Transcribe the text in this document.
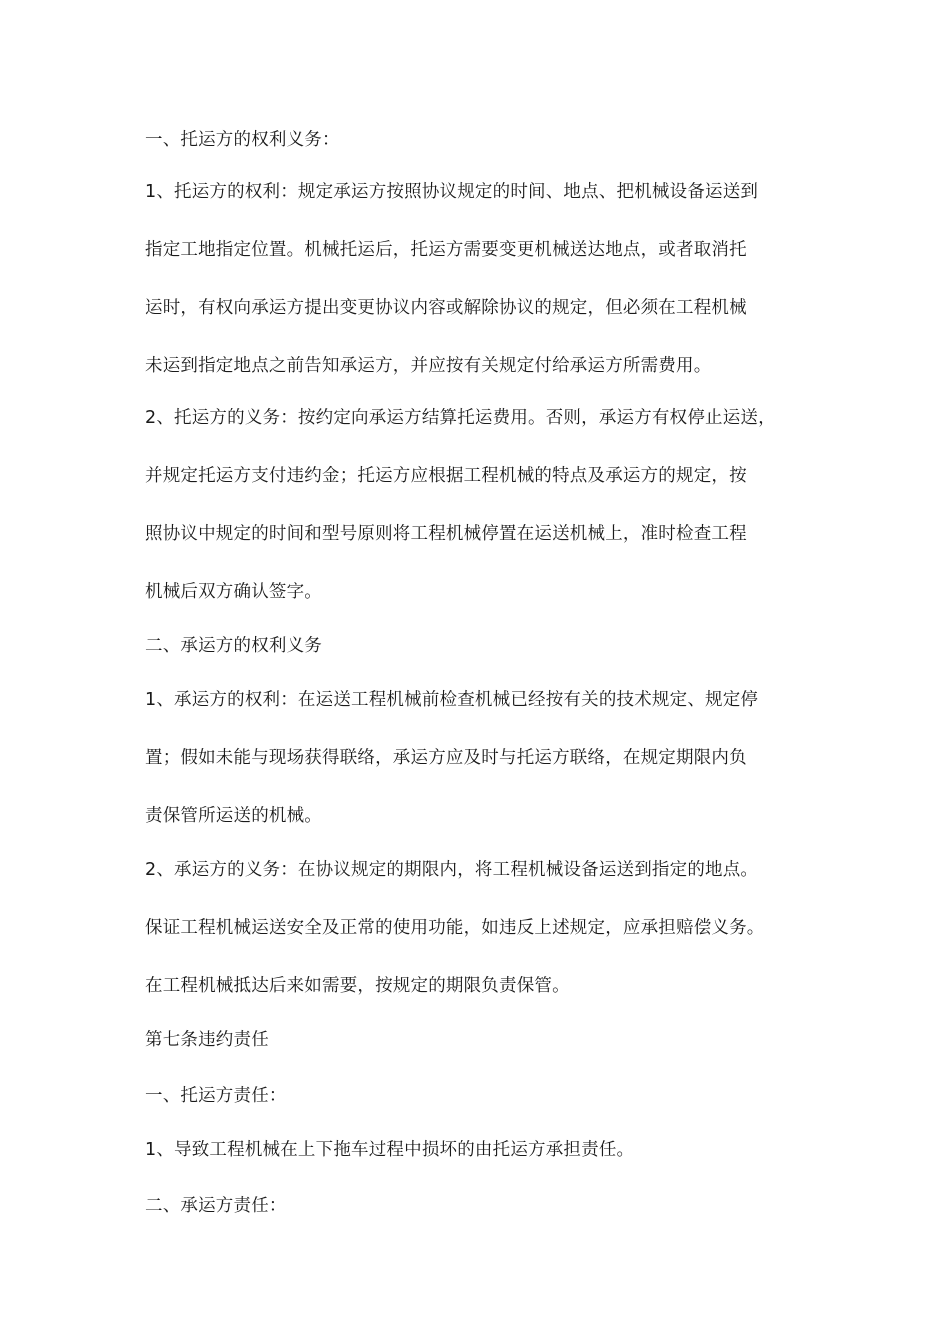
一、托运方的权利义务：
1、托运方的权利：规定承运方按照协议规定的时间、地点、把机械设备运送到
指定工地指定位置。机械托运后，托运方需要变更机械送达地点，或者取消托
运时，有权向承运方提出变更协议内容或解除协议的规定，但必须在工程机械
未运到指定地点之前告知承运方，并应按有关规定付给承运方所需费用。
2、托运方的义务：按约定向承运方结算托运费用。否则，承运方有权停止运送，
并规定托运方支付违约金；托运方应根据工程机械的特点及承运方的规定，按
照协议中规定的时间和型号原则将工程机械停置在运送机械上，准时检查工程
机械后双方确认签字。
二、承运方的权利义务
1、承运方的权利：在运送工程机械前检查机械已经按有关的技术规定、规定停
置；假如未能与现场获得联络，承运方应及时与托运方联络，在规定期限内负
责保管所运送的机械。
2、承运方的义务：在协议规定的期限内，将工程机械设备运送到指定的地点。
保证工程机械运送安全及正常的使用功能，如违反上述规定，应承担赔偿义务。
在工程机械抵达后来如需要，按规定的期限负责保管。
第七条违约责任
一、托运方责任：
1、导致工程机械在上下拖车过程中损坏的由托运方承担责任。
二、承运方责任：
